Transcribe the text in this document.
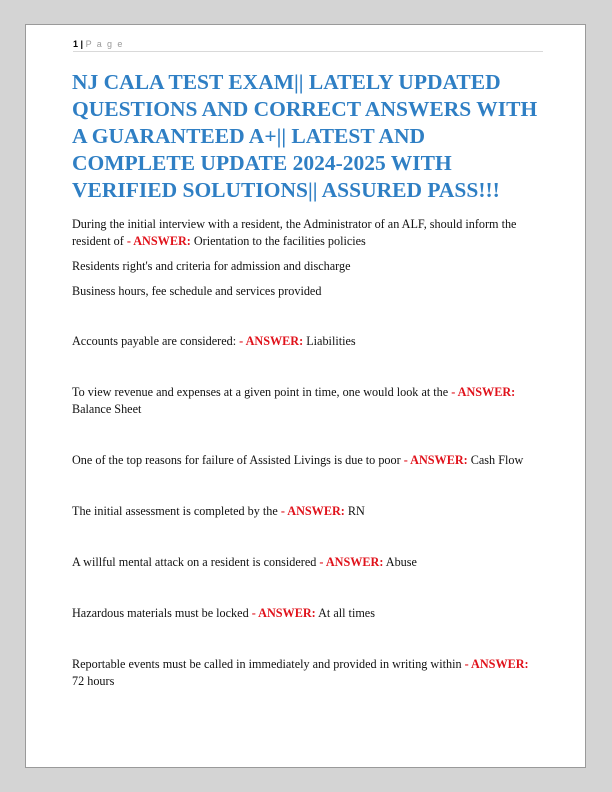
1 | P a g e
NJ CALA TEST EXAM|| LATELY UPDATED QUESTIONS AND CORRECT ANSWERS WITH A GUARANTEED A+|| LATEST AND COMPLETE UPDATE 2024-2025 WITH VERIFIED SOLUTIONS|| ASSURED PASS!!!

During the initial interview with a resident, the Administrator of an ALF, should inform the resident of - ANSWER: Orientation to the facilities policies

Residents right's and criteria for admission and discharge

Business hours, fee schedule and services provided

Accounts payable are considered: - ANSWER: Liabilities

To view revenue and expenses at a given point in time, one would look at the - ANSWER: Balance Sheet

One of the top reasons for failure of Assisted Livings is due to poor - ANSWER: Cash Flow

The initial assessment is completed by the - ANSWER: RN

A willful mental attack on a resident is considered - ANSWER: Abuse

Hazardous materials must be locked - ANSWER: At all times

Reportable events must be called in immediately and provided in writing within - ANSWER: 72 hours
